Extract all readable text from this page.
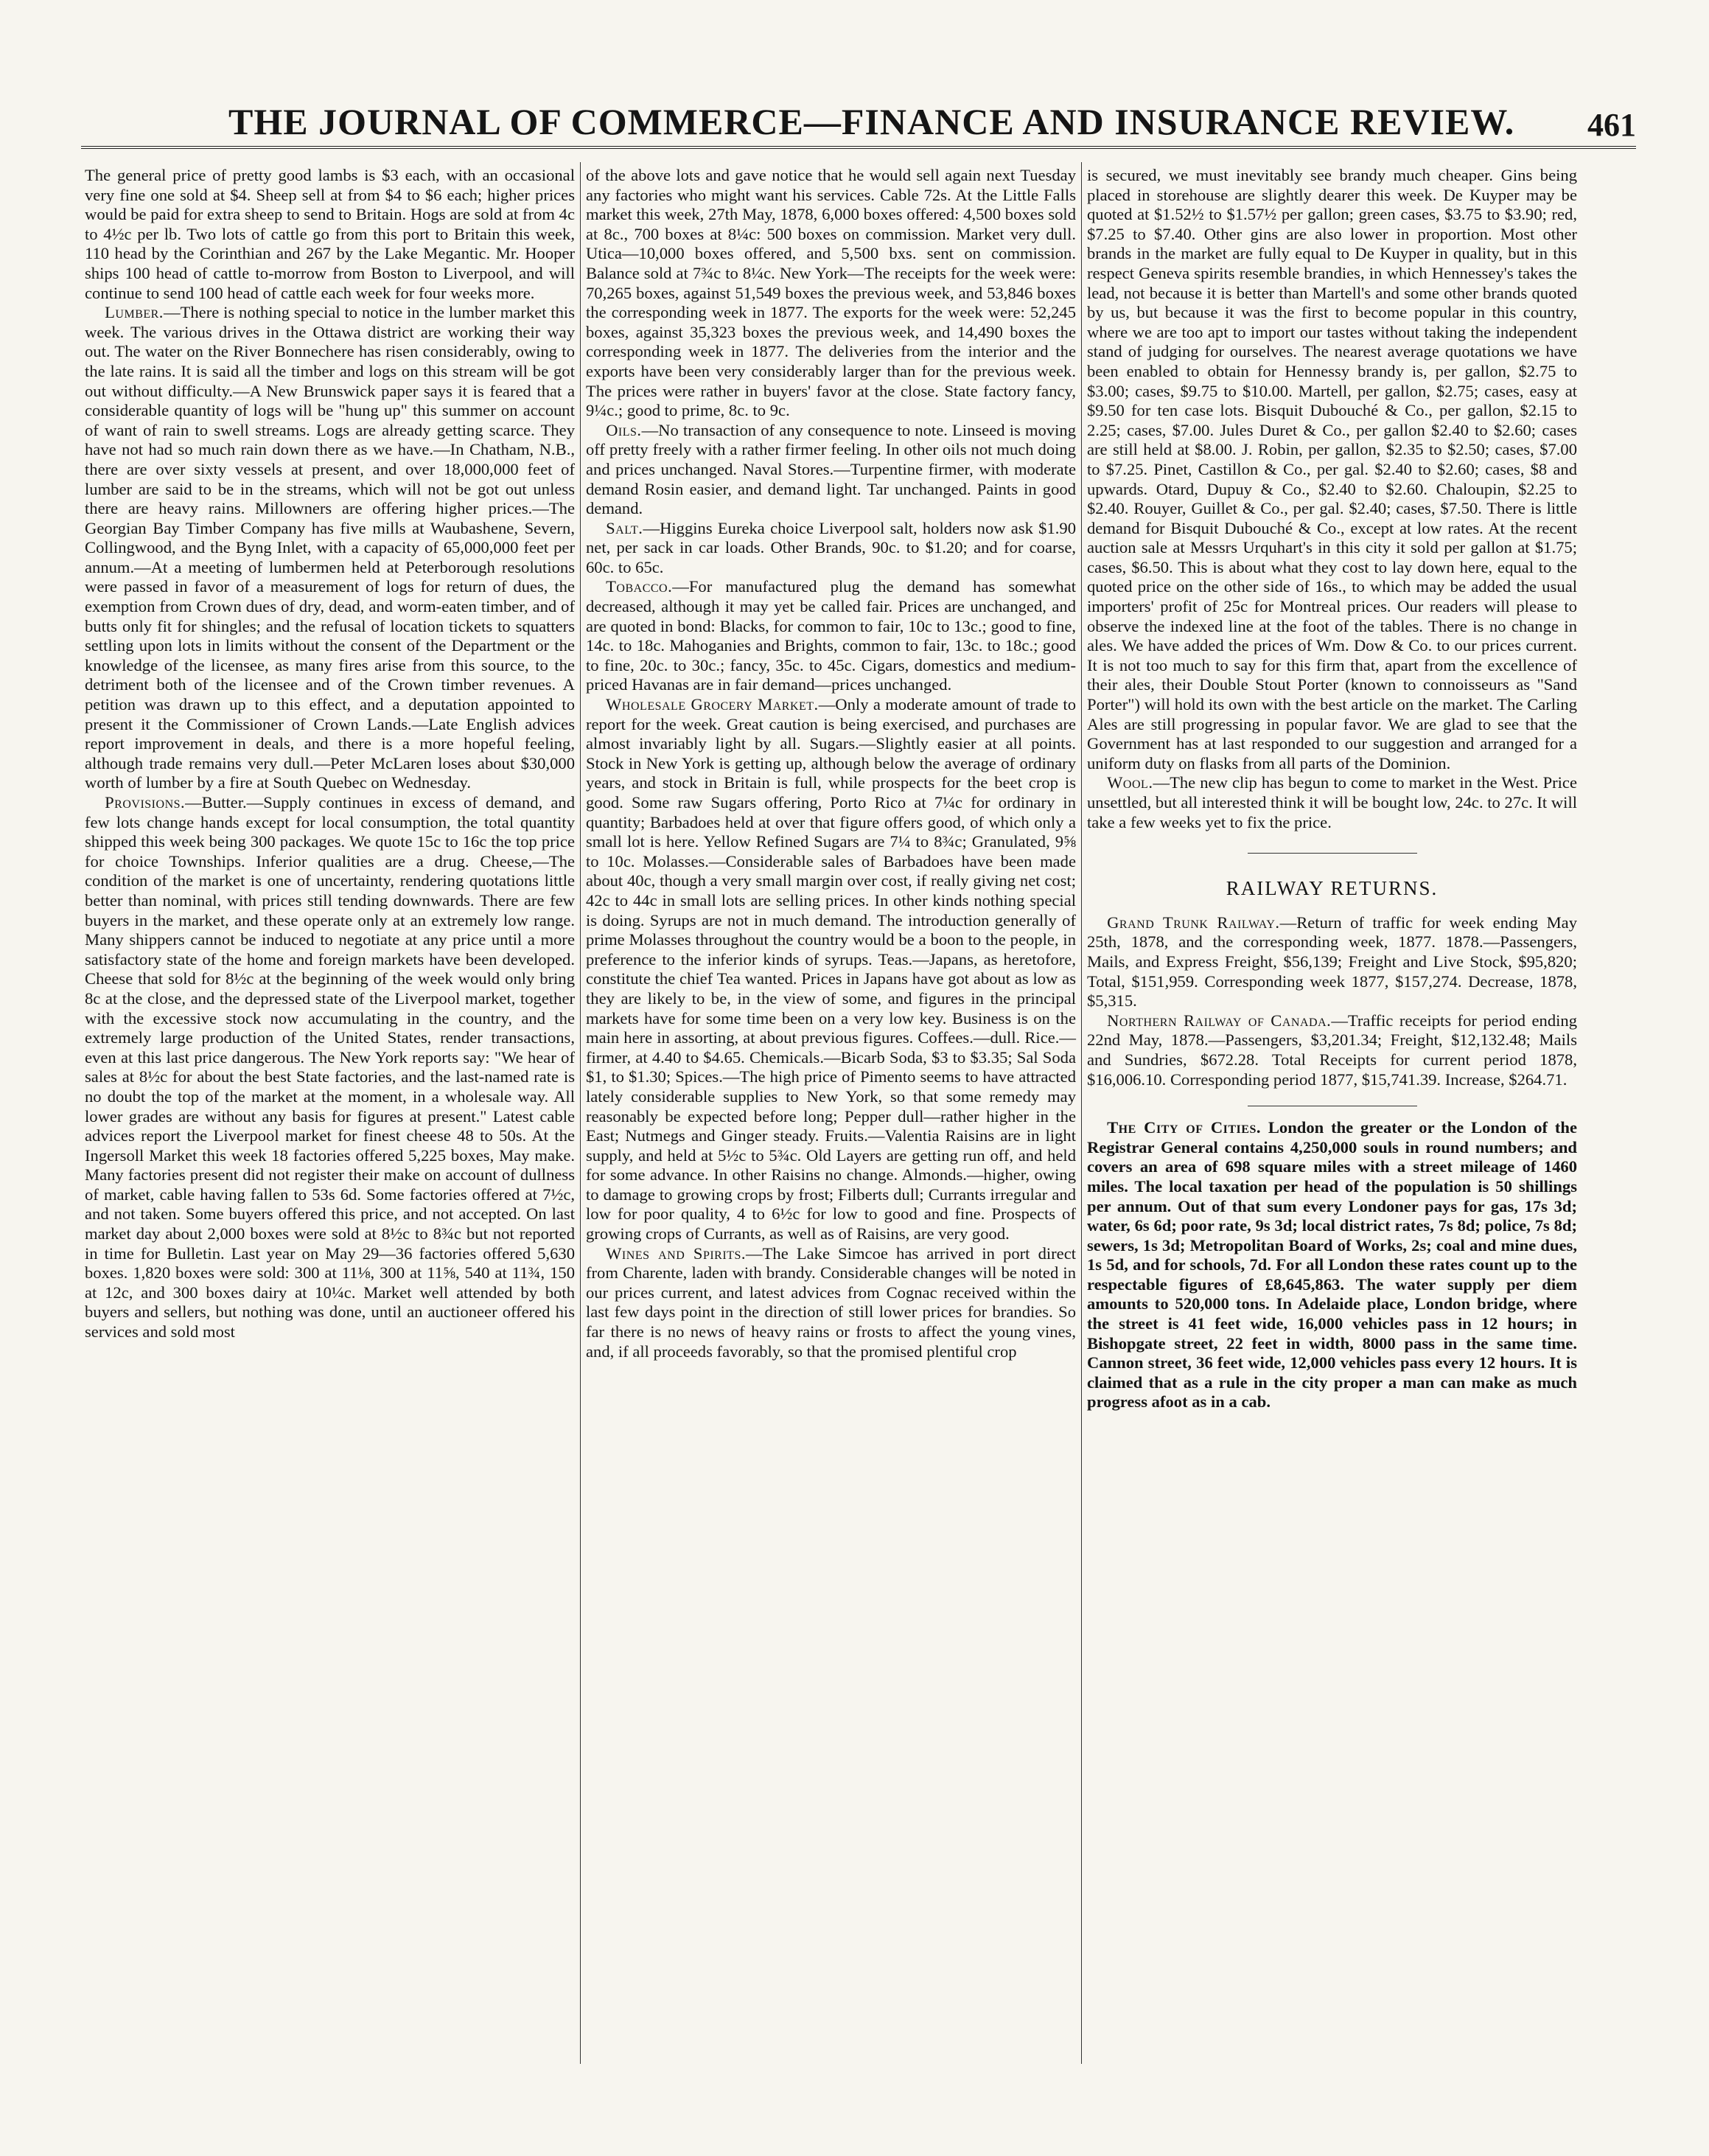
THE JOURNAL OF COMMERCE—FINANCE AND INSURANCE REVIEW. 461

The general price of pretty good lambs is $3 each, with an occasional very fine one sold at $4. Sheep sell at from $4 to $6 each; higher prices would be paid for extra sheep to send to Britain. Hogs are sold at from 4c to 4½c per lb. Two lots of cattle go from this port to Britain this week, 110 head by the Corinthian and 267 by the Lake Megantic. Mr. Hooper ships 100 head of cattle to-morrow from Boston to Liverpool, and will continue to send 100 head of cattle each week for four weeks more.

Lumber.—There is nothing special to notice in the lumber market this week. The various drives in the Ottawa district are working their way out. The water on the River Bonnechere has risen considerably, owing to the late rains. It is said all the timber and logs on this stream will be got out without difficulty.—A New Brunswick paper says it is feared that a considerable quantity of logs will be "hung up" this summer on account of want of rain to swell streams. Logs are already getting scarce. They have not had so much rain down there as we have.—In Chatham, N.B., there are over sixty vessels at present, and over 18,000,000 feet of lumber are said to be in the streams, which will not be got out unless there are heavy rains. Millowners are offering higher prices.—The Georgian Bay Timber Company has five mills at Waubashene, Severn, Collingwood, and the Byng Inlet, with a capacity of 65,000,000 feet per annum.—At a meeting of lumbermen held at Peterborough resolutions were passed in favor of a measurement of logs for return of dues, the exemption from Crown dues of dry, dead, and worm-eaten timber, and of butts only fit for shingles; and the refusal of location tickets to squatters settling upon lots in limits without the consent of the Department or the knowledge of the licensee, as many fires arise from this source, to the detriment both of the licensee and of the Crown timber revenues. A petition was drawn up to this effect, and a deputation appointed to present it the Commissioner of Crown Lands.—Late English advices report improvement in deals, and there is a more hopeful feeling, although trade remains very dull.—Peter McLaren loses about $30,000 worth of lumber by a fire at South Quebec on Wednesday.

Provisions.—Butter.—Supply continues in excess of demand, and few lots change hands except for local consumption, the total quantity shipped this week being 300 packages. We quote 15c to 16c the top price for choice Townships. Inferior qualities are a drug. Cheese,—The condition of the market is one of uncertainty, rendering quotations little better than nominal, with prices still tending downwards. There are few buyers in the market, and these operate only at an extremely low range. Many shippers cannot be induced to negotiate at any price until a more satisfactory state of the home and foreign markets have been developed. Cheese that sold for 8½c at the beginning of the week would only bring 8c at the close, and the depressed state of the Liverpool market, together with the excessive stock now accumulating in the country, and the extremely large production of the United States, render transactions, even at this last price dangerous. The New York reports say: "We hear of sales at 8½c for about the best State factories, and the last-named rate is no doubt the top of the market at the moment, in a wholesale way. All lower grades are without any basis for figures at present." Latest cable advices report the Liverpool market for finest cheese 48 to 50s. At the Ingersoll Market this week 18 factories offered 5,225 boxes, May make. Many factories present did not register their make on account of dullness of market, cable having fallen to 53s 6d. Some factories offered at 7½c, and not taken. Some buyers offered this price, and not accepted. On last market day about 2,000 boxes were sold at 8½c to 8¾c but not reported in time for Bulletin. Last year on May 29—36 factories offered 5,630 boxes. 1,820 boxes were sold: 300 at 11⅛, 300 at 11⅝, 540 at 11¾, 150 at 12c, and 300 boxes dairy at 10¼c. Market well attended by both buyers and sellers, but nothing was done, until an auctioneer offered his services and sold most

of the above lots and gave notice that he would sell again next Tuesday any factories who might want his services. Cable 72s. At the Little Falls market this week, 27th May, 1878, 6,000 boxes offered: 4,500 boxes sold at 8c., 700 boxes at 8¼c: 500 boxes on commission. Market very dull. Utica—10,000 boxes offered, and 5,500 bxs. sent on commission. Balance sold at 7¾c to 8¼c. New York—The receipts for the week were: 70,265 boxes, against 51,549 boxes the previous week, and 53,846 boxes the corresponding week in 1877. The exports for the week were: 52,245 boxes, against 35,323 boxes the previous week, and 14,490 boxes the corresponding week in 1877. The deliveries from the interior and the exports have been very considerably larger than for the previous week. The prices were rather in buyers' favor at the close. State factory fancy, 9¼c.; good to prime, 8c. to 9c.

Oils.—No transaction of any consequence to note. Linseed is moving off pretty freely with a rather firmer feeling. In other oils not much doing and prices unchanged. Naval Stores.—Turpentine firmer, with moderate demand Rosin easier, and demand light. Tar unchanged. Paints in good demand.

Salt.—Higgins Eureka choice Liverpool salt, holders now ask $1.90 net, per sack in car loads. Other Brands, 90c. to $1.20; and for coarse, 60c. to 65c.

Tobacco.—For manufactured plug the demand has somewhat decreased, although it may yet be called fair. Prices are unchanged, and are quoted in bond: Blacks, for common to fair, 10c to 13c.; good to fine, 14c. to 18c. Mahoganies and Brights, common to fair, 13c. to 18c.; good to fine, 20c. to 30c.; fancy, 35c. to 45c. Cigars, domestics and medium-priced Havanas are in fair demand—prices unchanged.

Wholesale Grocery Market.—Only a moderate amount of trade to report for the week. Great caution is being exercised, and purchases are almost invariably light by all. Sugars.—Slightly easier at all points. Stock in New York is getting up, although below the average of ordinary years, and stock in Britain is full, while prospects for the beet crop is good. Some raw Sugars offering, Porto Rico at 7¼c for ordinary in quantity; Barbadoes held at over that figure offers good, of which only a small lot is here. Yellow Refined Sugars are 7¼ to 8¾c; Granulated, 9⅝ to 10c. Molasses.—Considerable sales of Barbadoes have been made about 40c, though a very small margin over cost, if really giving net cost; 42c to 44c in small lots are selling prices. In other kinds nothing special is doing. Syrups are not in much demand. The introduction generally of prime Molasses throughout the country would be a boon to the people, in preference to the inferior kinds of syrups. Teas.—Japans, as heretofore, constitute the chief Tea wanted. Prices in Japans have got about as low as they are likely to be, in the view of some, and figures in the principal markets have for some time been on a very low key. Business is on the main here in assorting, at about previous figures. Coffees.—dull. Rice.—firmer, at 4.40 to $4.65. Chemicals.—Bicarb Soda, $3 to $3.35; Sal Soda $1, to $1.30; Spices.—The high price of Pimento seems to have attracted lately considerable supplies to New York, so that some remedy may reasonably be expected before long; Pepper dull—rather higher in the East; Nutmegs and Ginger steady. Fruits.—Valentia Raisins are in light supply, and held at 5½c to 5¾c. Old Layers are getting run off, and held for some advance. In other Raisins no change. Almonds.—higher, owing to damage to growing crops by frost; Filberts dull; Currants irregular and low for poor quality, 4 to 6½c for low to good and fine. Prospects of growing crops of Currants, as well as of Raisins, are very good.

Wines and Spirits.—The Lake Simcoe has arrived in port direct from Charente, laden with brandy. Considerable changes will be noted in our prices current, and latest advices from Cognac received within the last few days point in the direction of still lower prices for brandies. So far there is no news of heavy rains or frosts to affect the young vines, and, if all proceeds favorably, so that the promised plentiful crop

is secured, we must inevitably see brandy much cheaper. Gins being placed in storehouse are slightly dearer this week. De Kuyper may be quoted at $1.52½ to $1.57½ per gallon; green cases, $3.75 to $3.90; red, $7.25 to $7.40. Other gins are also lower in proportion. Most other brands in the market are fully equal to De Kuyper in quality, but in this respect Geneva spirits resemble brandies, in which Hennessey's takes the lead, not because it is better than Martell's and some other brands quoted by us, but because it was the first to become popular in this country, where we are too apt to import our tastes without taking the independent stand of judging for ourselves. The nearest average quotations we have been enabled to obtain for Hennessy brandy is, per gallon, $2.75 to $3.00; cases, $9.75 to $10.00. Martell, per gallon, $2.75; cases, easy at $9.50 for ten case lots. Bisquit Dubouché & Co., per gallon, $2.15 to 2.25; cases, $7.00. Jules Duret & Co., per gallon $2.40 to $2.60; cases are still held at $8.00. J. Robin, per gallon, $2.35 to $2.50; cases, $7.00 to $7.25. Pinet, Castillon & Co., per gal. $2.40 to $2.60; cases, $8 and upwards. Otard, Dupuy & Co., $2.40 to $2.60. Chaloupin, $2.25 to $2.40. Rouyer, Guillet & Co., per gal. $2.40; cases, $7.50. There is little demand for Bisquit Dubouché & Co., except at low rates. At the recent auction sale at Messrs Urquhart's in this city it sold per gallon at $1.75; cases, $6.50. This is about what they cost to lay down here, equal to the quoted price on the other side of 16s., to which may be added the usual importers' profit of 25c for Montreal prices. Our readers will please to observe the indexed line at the foot of the tables. There is no change in ales. We have added the prices of Wm. Dow & Co. to our prices current. It is not too much to say for this firm that, apart from the excellence of their ales, their Double Stout Porter (known to connoisseurs as "Sand Porter") will hold its own with the best article on the market. The Carling Ales are still progressing in popular favor. We are glad to see that the Government has at last responded to our suggestion and arranged for a uniform duty on flasks from all parts of the Dominion.

Wool.—The new clip has begun to come to market in the West. Price unsettled, but all interested think it will be bought low, 24c. to 27c. It will take a few weeks yet to fix the price.

RAILWAY RETURNS.

Grand Trunk Railway.—Return of traffic for week ending May 25th, 1878, and the corresponding week, 1877. 1878.—Passengers, Mails, and Express Freight, $56,139; Freight and Live Stock, $95,820; Total, $151,959. Corresponding week 1877, $157,274. Decrease, 1878, $5,315.

Northern Railway of Canada.—Traffic receipts for period ending 22nd May, 1878.—Passengers, $3,201.34; Freight, $12,132.48; Mails and Sundries, $672.28. Total Receipts for current period 1878, $16,006.10. Corresponding period 1877, $15,741.39. Increase, $264.71.

The City of Cities. London the greater or the London of the Registrar General contains 4,250,000 souls in round numbers; and covers an area of 698 square miles with a street mileage of 1460 miles. The local taxation per head of the population is 50 shillings per annum. Out of that sum every Londoner pays for gas, 17s 3d; water, 6s 6d; poor rate, 9s 3d; local district rates, 7s 8d; police, 7s 8d; sewers, 1s 3d; Metropolitan Board of Works, 2s; coal and mine dues, 1s 5d, and for schools, 7d. For all London these rates count up to the respectable figures of £8,645,863. The water supply per diem amounts to 520,000 tons. In Adelaide place, London bridge, where the street is 41 feet wide, 16,000 vehicles pass in 12 hours; in Bishopgate street, 22 feet in width, 8000 pass in the same time. Cannon street, 36 feet wide, 12,000 vehicles pass every 12 hours. It is claimed that as a rule in the city proper a man can make as much progress afoot as in a cab.
